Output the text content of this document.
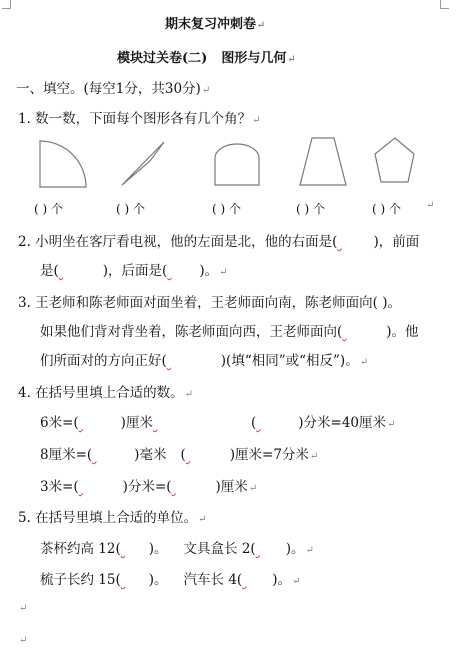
期末复习冲刺卷↵
模块过关卷(二) 图形与几何↵
一、填空。(每空1分，共30分)↵
1. 数一数，下面每个图形各有几个角？↵
( ) 个	( ) 个	( ) 个	( ) 个	( ) 个	↵
2. 小明坐在客厅看电视，他的左面是北，他的右面是(	)，前面
是(	)，后面是( )。↵
3. 王老师和陈老师面对面坐着，王老师面向南，陈老师面向( )。
如果他们背对背坐着，陈老师面向西，王老师面向(	)。他
们所面对的方向正好(	)(填“相同”或“相反”)。↵
4. 在括号里填上合适的数。↵
6米=(	)厘米	(	)分米=40厘米↵
8厘米=(	)毫米 (	)厘米=7分米↵
3米=(	)分米=(	)厘米↵
5. 在括号里填上合适的单位。↵
茶杯约高 12( )。 文具盒长 2( )。↵
梳子长约 15( )。 汽车长 4( )。↵
↵
↵
